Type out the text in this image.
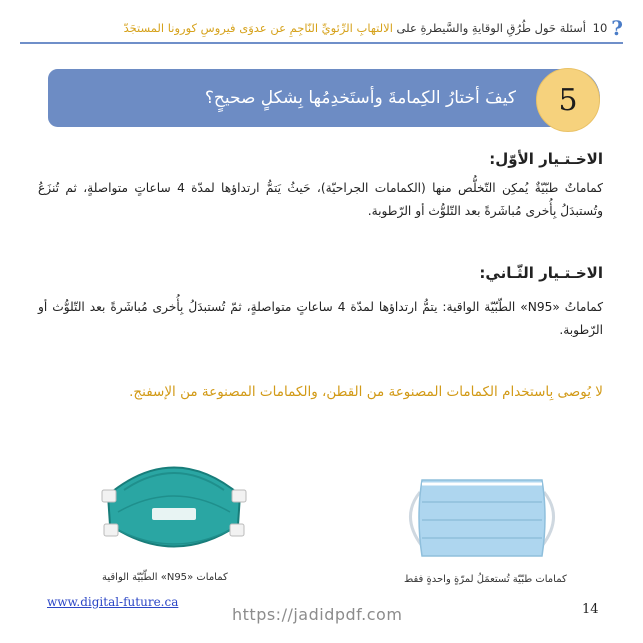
?
10 أسئلة حَول طُرُقِ الوقايةِ والسَّيطرةِ على الالتهابِ الرِّئويِّ النّاجِمِ عن عدوَى فيروسِ كورونا المستجَدّ
كيفَ أختارُ الكِمامةَ وأستَخدِمُها بِشكلٍ صحيحٍ؟	5
الاخـتـيار الأوّل:
كماماتٌ طبّيّةٌ يُمكِن التّخلُّص منها (الكمامات الجراحيّة)، حَيثُ يَتمُّ ارتداؤها لمدّة 4 ساعاتٍ متواصلةٍ، ثم تُنزَعُ وتُستبدَلُ بِأُخرى مُباشَرةً بعد التّلوُّث أو الرّطوبة.
الاخـتـيار الثّـاني:
كماماتُ «N95» الطّبّيّة الواقية: يتمُّ ارتداؤها لمدّة 4 ساعاتٍ متواصلةٍ، ثمّ تُستبدَلُ بِأُخرى مُباشَرةً بعد التّلوُّث أو الرّطوبة.
لا يُوصى بِاستخدام الكمامات المصنوعة من القطن، والكمامات المصنوعة من الإسفنج.
كمامات «N95» الطّبّيّة الواقية	كمامات طبّيّة تُستعمَلُ لمرّةٍ واحدةٍ فقط
www.digital-future.ca
https://jadidpdf.com	14
